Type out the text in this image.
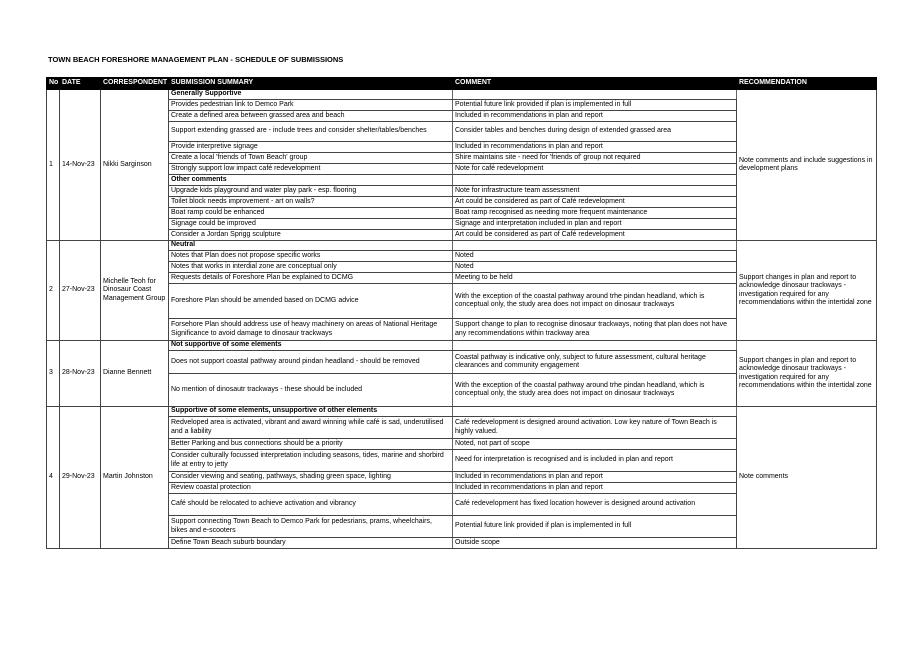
TOWN BEACH FORESHORE MANAGEMENT PLAN - SCHEDULE OF SUBMISSIONS
No	DATE	CORRESPONDENT	SUBMISSION SUMMARY	COMMENT	RECOMMENDATION
1	14-Nov-23	Nikki Sarginson	Generally Supportive		Note comments and include suggestions in development plans
			Provides pedestrian link to Demco Park	Potential future link provided if plan is implemented in full	
			Create a defined area between grassed area and beach	Included in recommendations in plan and report	
			Support extending grassed are - include trees and consider shelter/tables/benches	Consider tables and benches during design of extended grassed area	
			Provide interpretive signage	Included in recommendations in plan and report	
			Create a local 'friends of Town Beach' group	Shire maintains site - need for 'friends of' group not required	
			Strongly support low impact café redevelopment	Note for café redevelopment	
			Other comments		
			Upgrade kids playground and water play park - esp. flooring	Note for infrastructure team assessment	
			Toilet block needs improvement - art on walls?	Art could be considered as part of Café redevelopment	
			Boat ramp could be enhanced	Boat ramp recognised as needing more frequent maintenance	
			Signage could be improved	Signage and interpretation included in plan and report	
			Consider a Jordan Sprigg sculpture	Art could be considered as part of Café redevelopment	
2	27-Nov-23	Michelle Teoh for Dinosaur Coast Management Group	Neutral		Support changes in plan and report to acknowledge dinosaur trackways - investigation required for any recommendations within the intertidal zone
			Notes that Plan does not propose specific works	Noted	
			Notes that works in interdial zone are conceptual only	Noted	
			Requests details of Foreshore Plan be explained to DCMG	Meeting to be held	
			Foreshore Plan should be amended based on DCMG advice	With the exception of the coastal pathway around trhe pindan headland, which is conceptual only, the study area does not impact on dinosaur trackways	
			Forsehore Plan should address use of heavy machinery on areas of National Heritage Significance to avoid damage to dinosaur trackways	Support change to plan to recognise dinosaur trackways, noting that plan does not have any recommendations within trackway area	
3	28-Nov-23	Dianne Bennett	Not supportive of some elements		Support changes in plan and report to acknowledge dinosaur trackways - investigation required for any recommendations within the intertidal zone
			Does not support coastal pathway around pindan headland - should be removed	Coastal pathway is indicative only, subject to future assessment, cultural heritage clearances and community engagement	
			No mention of dinosautr trackways - these should be included	With the exception of the coastal pathway around trhe pindan headland, which is conceptual only, the study area does not impact on dinosaur trackways	
4	29-Nov-23	Martin Johnston	Supportive of some elements, unsupportive of other elements		Note comments
			Redveloped area is activated, vibrant and award winning while café is sad, underutilised and a liability	Café redevelopment is designed around activation. Low key nature of Town Beach is highly valued.	
			Better Parking and bus connections should be a priority	Noted, not part of scope	
			Consider culturally focussed interpretation including seasons, tides, marine and shorbird life at entry to jetty	Need for interpretation is recognised and is included in plan and report	
			Consider viewing and seating, pathways, shading green space, lighting	Included in recommendations in plan and report	
			Review coastal protection	Included in recommendations in plan and report	
			Café should be relocated to achieve activation and vibrancy	Café redevelopment has fixed location however is designed around activation	
			Support connecting Town Beach to Demco Park for pedesrians, prams, wheelchairs, bikes and e-scooters	Potential future link provided if plan is implemented in full	
			Define Town Beach suburb boundary	Outside scope	
